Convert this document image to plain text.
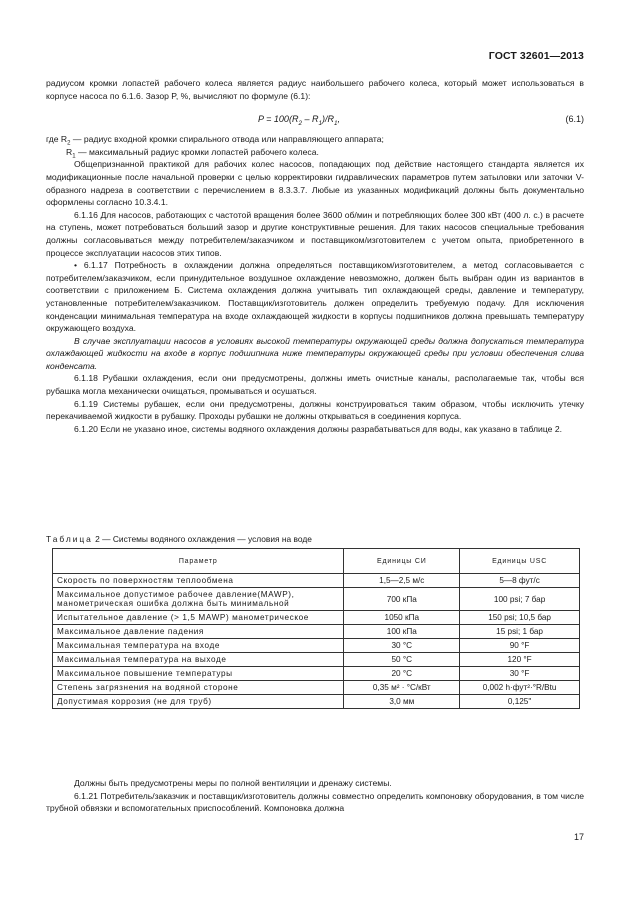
ГОСТ 32601—2013

радиусом кромки лопастей рабочего колеса является радиус наибольшего рабочего колеса, который может использоваться в корпусе насоса по 6.1.6. Зазор P, %, вычисляют по формуле (6.1):

$P = 100(R_2 - R_1)/R_1$,	(6.1)

где $R_2$ — радиус входной кромки спирального отвода или направляющего аппарата;

$R_1$ — максимальный радиус кромки лопастей рабочего колеса.

Общепризнанной практикой для рабочих колес насосов, попадающих под действие настоящего стандарта является их модификационные после начальной проверки с целью корректировки гидравлических параметров путем затыловки или заточки V-образного надреза в соответствии с перечислением в 8.3.3.7. Любые из указанных модификаций должны быть документально оформлены согласно 10.3.4.1.

6.1.16 Для насосов, работающих с частотой вращения более 3600 об/мин и потребляющих более 300 кВт (400 л. с.) в расчете на ступень, может потребоваться больший зазор и другие конструктивные решения. Для таких насосов специальные требования должны согласовываться между потребителем/заказчиком и поставщиком/изготовителем с учетом опыта, приобретенного в процессе эксплуатации насосов этих типов.

• 6.1.17 Потребность в охлаждении должна определяться поставщиком/изготовителем, а метод согласовывается с потребителем/заказчиком, если принудительное воздушное охлаждение невозможно, должен быть выбран один из вариантов в соответствии с приложением Б. Система охлаждения должна учитывать тип охлаждающей среды, давление и температуру, установленные потребителем/заказчиком. Поставщик/изготовитель должен определить требуемую подачу. Для исключения конденсации минимальная температура на входе охлаждающей жидкости в корпусы подшипников должна превышать температуру окружающего воздуха.

В случае эксплуатации насосов в условиях высокой температуры окружающей среды должна допускаться температура охлаждающей жидкости на входе в корпус подшипника ниже температуры окружающей среды при условии обеспечения слива конденсата.

6.1.18 Рубашки охлаждения, если они предусмотрены, должны иметь очистные каналы, располагаемые так, чтобы вся рубашка могла механически очищаться, промываться и осушаться.

6.1.19 Системы рубашек, если они предусмотрены, должны конструироваться таким образом, чтобы исключить утечку перекачиваемой жидкости в рубашку. Проходы рубашки не должны открываться в соединения корпуса.

6.1.20 Если не указано иное, системы водяного охлаждения должны разрабатываться для воды, как указано в таблице 2.

Таблица 2 — Системы водяного охлаждения — условия на воде
Параметр	Единицы СИ	Единицы USC
Скорость по поверхностям теплообмена	1,5—2,5 м/с	5—8 фут/с
Максимальное допустимое рабочее давление(MAWP), манометрическая ошибка должна быть минимальной	700 кПа	100 psi; 7 бар
Испытательное давление (> 1,5 MAWP) манометрическое	1050 кПа	150 psi; 10,5 бар
Максимальное давление падения	100 кПа	15 psi; 1 бар
Максимальная температура на входе	30 °C	90 °F
Максимальная температура на выходе	50 °C	120 °F
Максимальное повышение температуры	20 °C	30 °F
Степень загрязнения на водяной стороне	0,35 м² · °С/кВт	0,002 h·фут²·°R/Btu
Допустимая коррозия (не для труб)	3,0 мм	0,125"

Должны быть предусмотрены меры по полной вентиляции и дренажу системы.

6.1.21 Потребитель/заказчик и поставщик/изготовитель должны совместно определить компоновку оборудования, в том числе трубной обвязки и вспомогательных приспособлений. Компоновка должна

17
